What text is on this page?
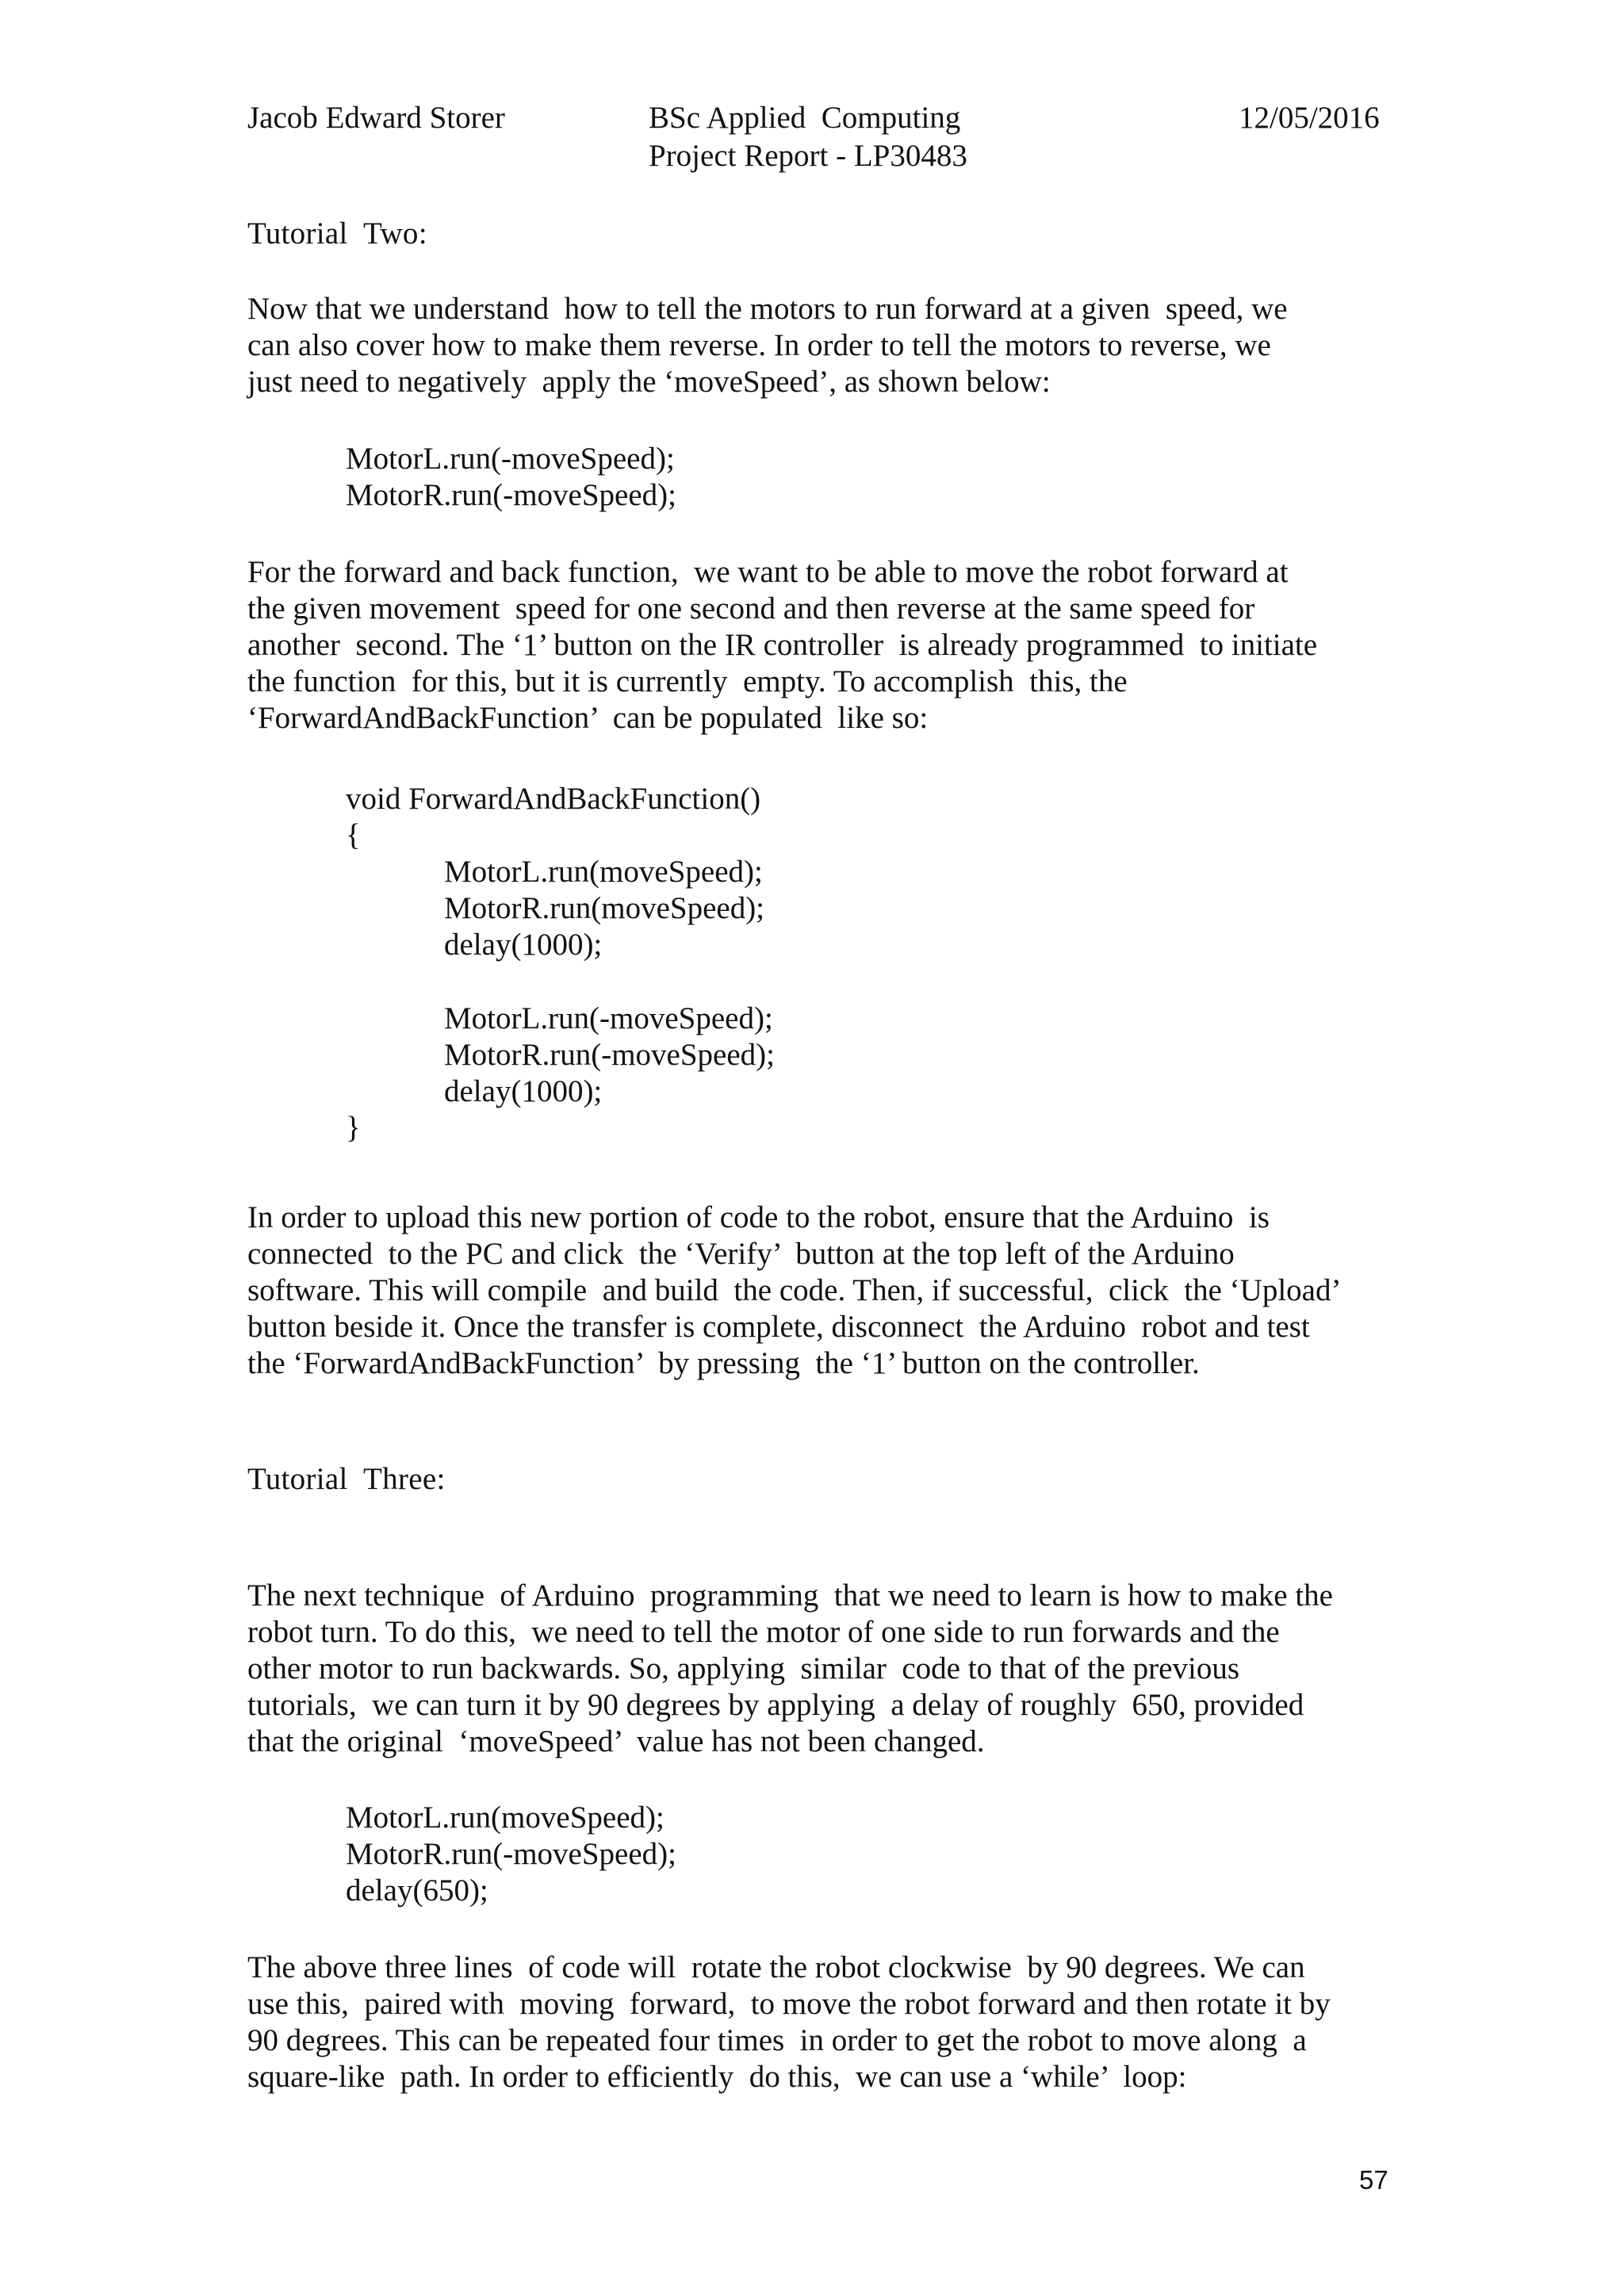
Jacob Edward Storer	BSc Applied  Computing
Project Report - LP30483
12/05/2016
Tutorial  Two:
Now that we understand  how to tell the motors to run forward at a given  speed, we
can also cover how to make them reverse. In order to tell the motors to reverse, we
just need to negatively  apply the ‘moveSpeed’, as shown below:
MotorL.run(-moveSpeed);
MotorR.run(-moveSpeed);
For the forward and back function,  we want to be able to move the robot forward at
the given movement  speed for one second and then reverse at the same speed for
another  second. The ‘1’ button on the IR controller  is already programmed  to initiate
the function  for this, but it is currently  empty. To accomplish  this, the
‘ForwardAndBackFunction’  can be populated  like so:
void ForwardAndBackFunction()
{
MotorL.run(moveSpeed);
MotorR.run(moveSpeed);
delay(1000);
MotorL.run(-moveSpeed);
MotorR.run(-moveSpeed);
delay(1000);
}
In order to upload this new portion of code to the robot, ensure that the Arduino  is
connected  to the PC and click  the ‘Verify’  button at the top left of the Arduino
software. This will compile  and build  the code. Then, if successful,  click  the ‘Upload’
button beside it. Once the transfer is complete, disconnect  the Arduino  robot and test
the ‘ForwardAndBackFunction’  by pressing  the ‘1’ button on the controller.
Tutorial  Three:
The next technique  of Arduino  programming  that we need to learn is how to make the
robot turn. To do this,  we need to tell the motor of one side to run forwards and the
other motor to run backwards. So, applying  similar  code to that of the previous
tutorials,  we can turn it by 90 degrees by applying  a delay of roughly  650, provided
that the original  ‘moveSpeed’  value has not been changed.
MotorL.run(moveSpeed);
MotorR.run(-moveSpeed);
delay(650);
The above three lines  of code will  rotate the robot clockwise  by 90 degrees. We can
use this,  paired with  moving  forward,  to move the robot forward and then rotate it by
90 degrees. This can be repeated four times  in order to get the robot to move along  a
square-like  path. In order to efficiently  do this,  we can use a ‘while’  loop:
57
